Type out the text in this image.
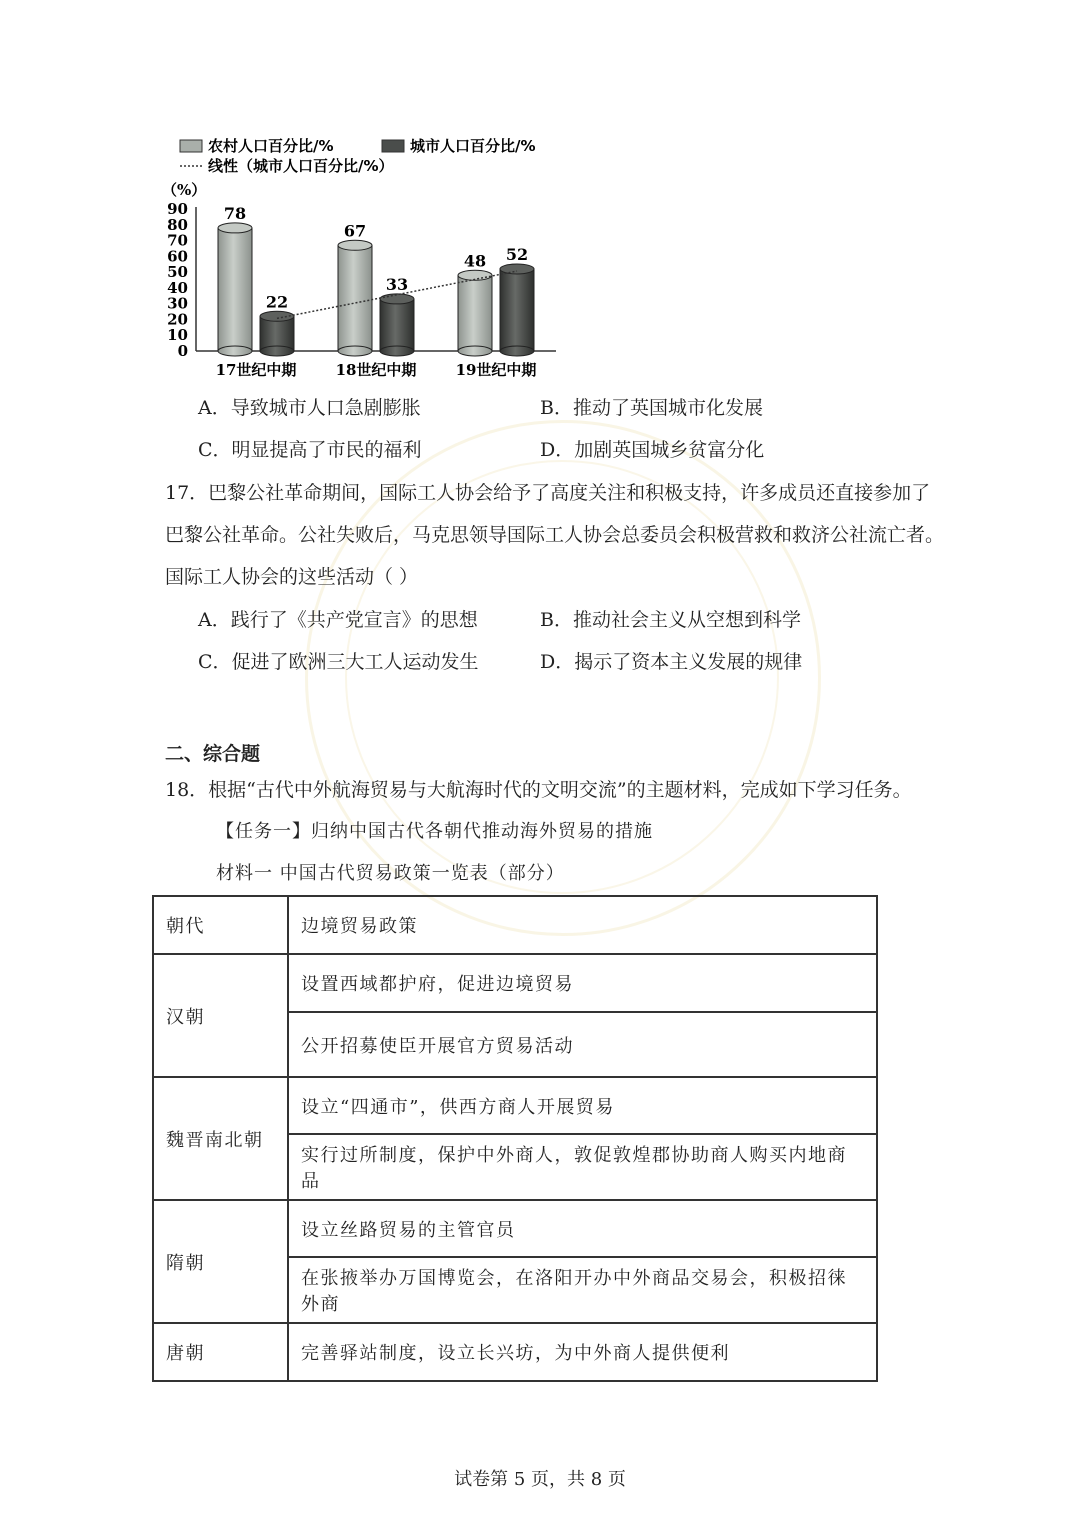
农村人口百分比/%	城市人口百分比/%
线性（城市人口百分比/%）
（%）
0
10
20
30
40
50
60
70
80
90 78
22
67
33
48 52
17世纪中期	18世纪中期	19世纪中期
A．导致城市人口急剧膨胀	B．推动了英国城市化发展
C．明显提高了市民的福利	D．加剧英国城乡贫富分化
17．巴黎公社革命期间，国际工人协会给予了高度关注和积极支持，许多成员还直接参加了
巴黎公社革命。公社失败后，马克思领导国际工人协会总委员会积极营救和救济公社流亡者。
国际工人协会的这些活动（ ）
A．践行了《共产党宣言》的思想	B．推动社会主义从空想到科学
C．促进了欧洲三大工人运动发生	D．揭示了资本主义发展的规律
二、综合题
18．根据“古代中外航海贸易与大航海时代的文明交流”的主题材料，完成如下学习任务。
【任务一】归纳中国古代各朝代推动海外贸易的措施
材料一 中国古代贸易政策一览表（部分）
朝代	边境贸易政策
汉朝	设置西域都护府，促进边境贸易
	公开招募使臣开展官方贸易活动
魏晋南北朝	设立“四通市”，供西方商人开展贸易
	实行过所制度，保护中外商人，敦促敦煌郡协助商人购买内地商品
隋朝	设立丝路贸易的主管官员
	在张掖举办万国博览会，在洛阳开办中外商品交易会，积极招徕外商
唐朝	完善驿站制度，设立长兴坊，为中外商人提供便利
试卷第 5 页，共 8 页
